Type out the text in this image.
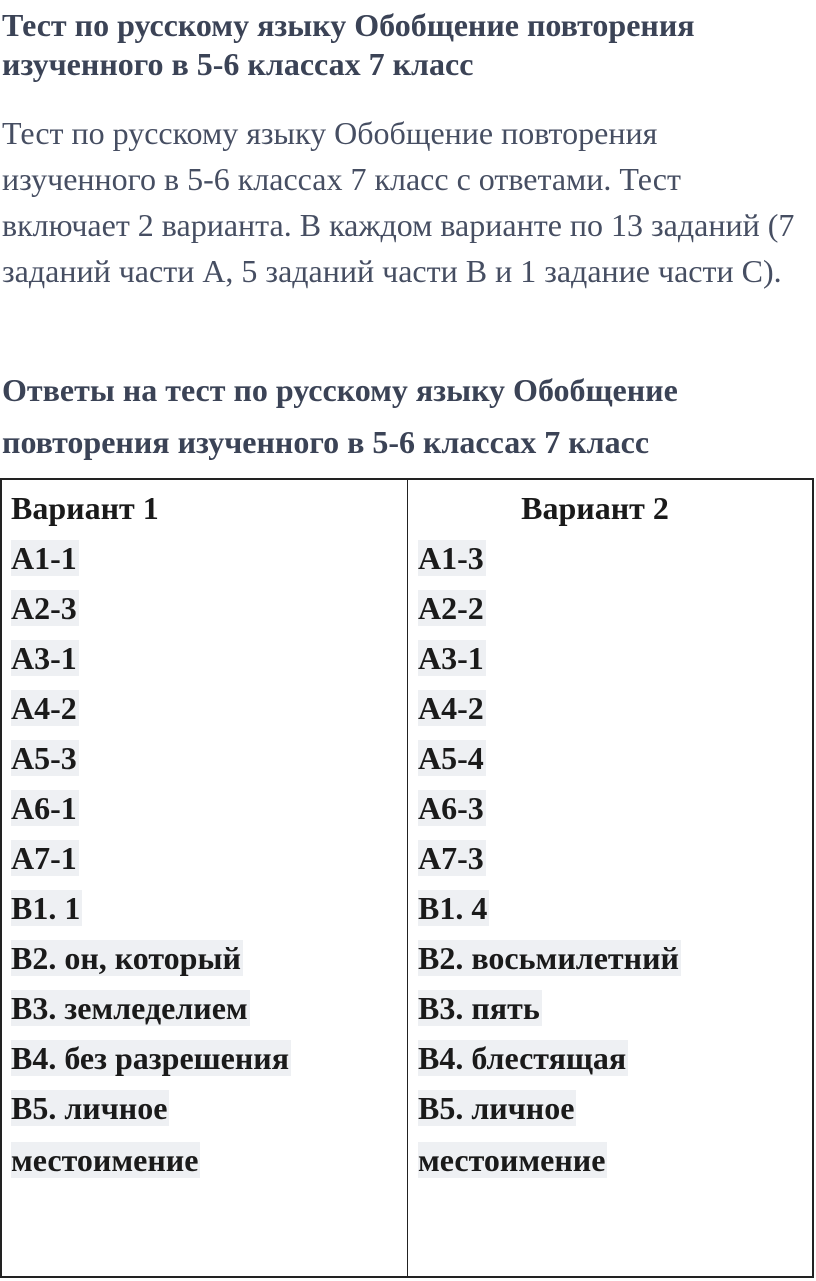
Тест по русскому языку Обобщение повторения изученного в 5-6 классах 7 класс

Тест по русскому языку Обобщение повторения изученного в 5-6 классах 7 класс с ответами. Тест включает 2 варианта. В каждом варианте по 13 заданий (7 заданий части А, 5 заданий части В и 1 задание части С).

Ответы на тест по русскому языку Обобщение повторения изученного в 5-6 классах 7 класс
Вариант 1
А1-1
А2-3
А3-1
А4-2
А5-3
А6-1
А7-1
В1. 1
В2. он, который
В3. земледелием
В4. без разрешения
В5. личное местоимение
Вариант 2
А1-3
А2-2
А3-1
А4-2
А5-4
А6-3
А7-3
В1. 4
В2. восьмилетний
В3. пять
В4. блестящая
В5. личное местоимение
